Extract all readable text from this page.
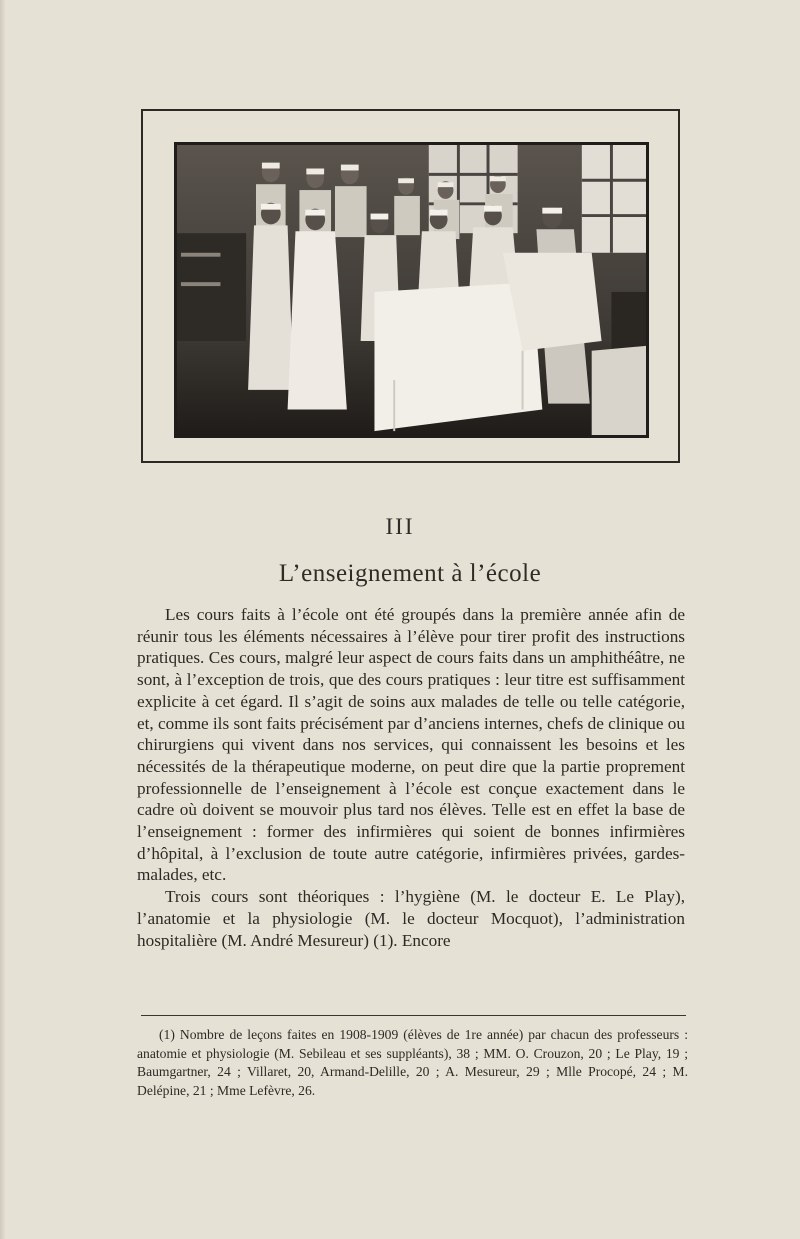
III
L’enseignement à l’école

Les cours faits à l’école ont été groupés dans la première année afin de réunir tous les éléments nécessaires à l’élève pour tirer profit des instructions pratiques. Ces cours, malgré leur aspect de cours faits dans un amphithéâtre, ne sont, à l’exception de trois, que des cours pratiques : leur titre est suffisamment explicite à cet égard. Il s’agit de soins aux malades de telle ou telle catégorie, et, comme ils sont faits précisément par d’anciens internes, chefs de clinique ou chirurgiens qui vivent dans nos services, qui connaissent les besoins et les nécessités de la thérapeutique moderne, on peut dire que la partie proprement professionnelle de l’enseignement à l’école est conçue exactement dans le cadre où doivent se mouvoir plus tard nos élèves. Telle est en effet la base de l’enseignement : former des infirmières qui soient de bonnes infirmières d’hôpital, à l’exclusion de toute autre catégorie, infirmières privées, gardes-malades, etc.

Trois cours sont théoriques : l’hygiène (M. le docteur E. Le Play), l’anatomie et la physiologie (M. le docteur Mocquot), l’administration hospitalière (M. André Mesureur) (1). Encore

(1) Nombre de leçons faites en 1908-1909 (élèves de 1re année) par chacun des professeurs : anatomie et physiologie (M. Sebileau et ses suppléants), 38 ; MM. O. Crouzon, 20 ; Le Play, 19 ; Baumgartner, 24 ; Villaret, 20, Armand-Delille, 20 ; A. Mesureur, 29 ; Mlle Procopé, 24 ; M. Delépine, 21 ; Mme Lefèvre, 26.
